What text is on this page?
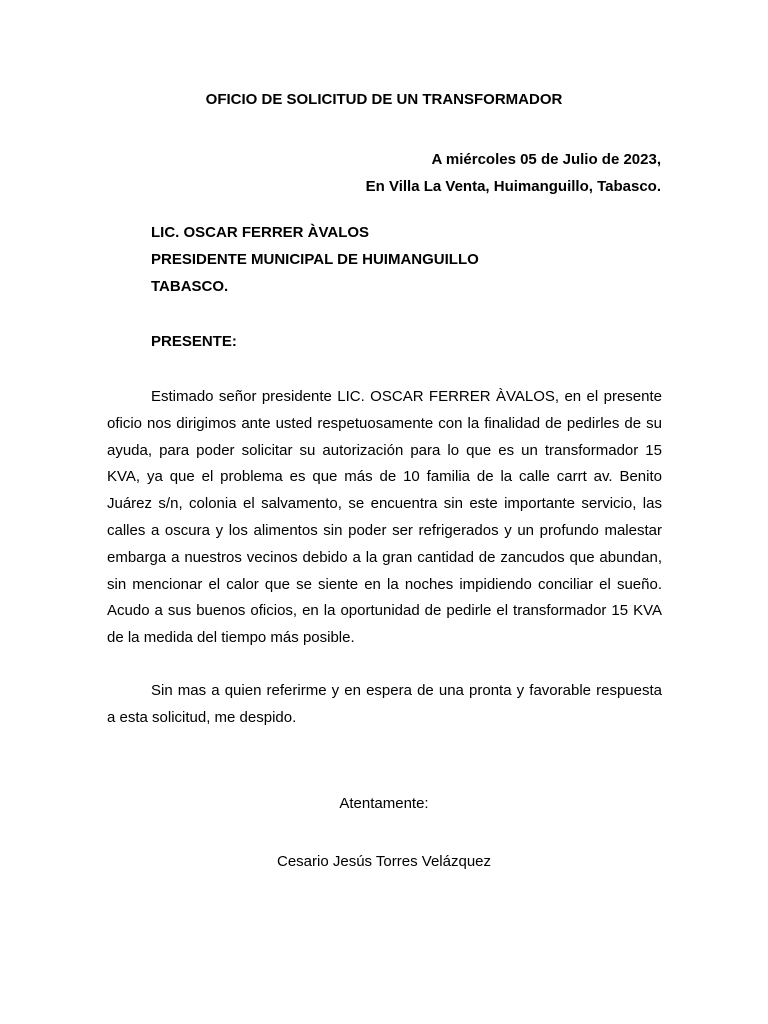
OFICIO DE SOLICITUD DE UN TRANSFORMADOR
A miércoles 05 de Julio de 2023,
En Villa La Venta, Huimanguillo, Tabasco.
LIC. OSCAR FERRER ÀVALOS
PRESIDENTE MUNICIPAL DE HUIMANGUILLO
TABASCO.
PRESENTE:

Estimado señor presidente LIC. OSCAR FERRER ÀVALOS, en el presente oficio nos dirigimos ante usted respetuosamente con la finalidad de pedirles de su ayuda, para poder solicitar su autorización para lo que es un transformador 15 KVA, ya que el problema es que más de 10 familia de la calle carrt av. Benito Juárez s/n, colonia el salvamento, se encuentra sin este importante servicio, las calles a oscura y los alimentos sin poder ser refrigerados y un profundo malestar embarga a nuestros vecinos debido a la gran cantidad de zancudos que abundan, sin mencionar el calor que se siente en la noches impidiendo conciliar el sueño. Acudo a sus buenos oficios, en la oportunidad de pedirle el transformador 15 KVA de la medida del tiempo más posible.

Sin mas a quien referirme y en espera de una pronta y favorable respuesta a esta solicitud, me despido.

Atentamente:
Cesario Jesús Torres Velázquez
